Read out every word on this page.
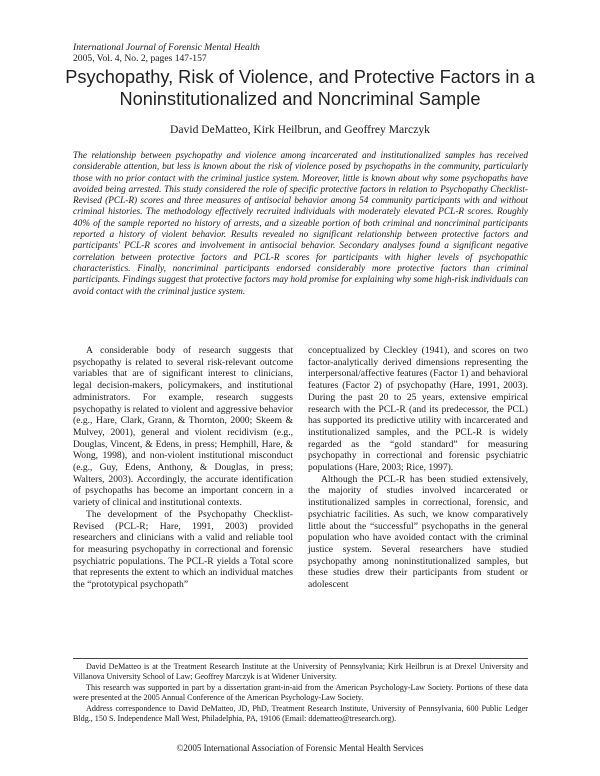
International Journal of Forensic Mental Health
2005, Vol. 4, No. 2, pages 147-157
Psychopathy, Risk of Violence, and Protective Factors in a Noninstitutionalized and Noncriminal Sample
David DeMatteo, Kirk Heilbrun, and Geoffrey Marczyk
The relationship between psychopathy and violence among incarcerated and institutionalized samples has received considerable attention, but less is known about the risk of violence posed by psychopaths in the community, particularly those with no prior contact with the criminal justice system. Moreover, little is known about why some psychopaths have avoided being arrested. This study considered the role of specific protective factors in relation to Psychopathy Checklist-Revised (PCL-R) scores and three measures of antisocial behavior among 54 community participants with and without criminal histories. The methodology effectively recruited individuals with moderately elevated PCL-R scores. Roughly 40% of the sample reported no history of arrests, and a sizeable portion of both criminal and noncriminal participants reported a history of violent behavior. Results revealed no significant relationship between protective factors and participants' PCL-R scores and involvement in antisocial behavior. Secondary analyses found a significant negative correlation between protective factors and PCL-R scores for participants with higher levels of psychopathic characteristics. Finally, noncriminal participants endorsed considerably more protective factors than criminal participants. Findings suggest that protective factors may hold promise for explaining why some high-risk individuals can avoid contact with the criminal justice system.

A considerable body of research suggests that psychopathy is related to several risk-relevant outcome variables that are of significant interest to clinicians, legal decision-makers, policymakers, and institutional administrators. For example, research suggests psychopathy is related to violent and aggressive behavior (e.g., Hare, Clark, Grann, & Thornton, 2000; Skeem & Mulvey, 2001), general and violent recidivism (e.g., Douglas, Vincent, & Edens, in press; Hemphill, Hare, & Wong, 1998), and non-violent institutional misconduct (e.g., Guy, Edens, Anthony, & Douglas, in press; Walters, 2003). Accordingly, the accurate identification of psychopaths has become an important concern in a variety of clinical and institutional contexts.

The development of the Psychopathy Checklist-Revised (PCL-R; Hare, 1991, 2003) provided researchers and clinicians with a valid and reliable tool for measuring psychopathy in correctional and forensic psychiatric populations. The PCL-R yields a Total score that represents the extent to which an individual matches the “prototypical psychopath”

conceptualized by Cleckley (1941), and scores on two factor-analytically derived dimensions representing the interpersonal/affective features (Factor 1) and behavioral features (Factor 2) of psychopathy (Hare, 1991, 2003). During the past 20 to 25 years, extensive empirical research with the PCL-R (and its predecessor, the PCL) has supported its predictive utility with incarcerated and institutionalized samples, and the PCL-R is widely regarded as the “gold standard” for measuring psychopathy in correctional and forensic psychiatric populations (Hare, 2003; Rice, 1997).

Although the PCL-R has been studied extensively, the majority of studies involved incarcerated or institutionalized samples in correctional, forensic, and psychiatric facilities. As such, we know comparatively little about the “successful” psychopaths in the general population who have avoided contact with the criminal justice system. Several researchers have studied psychopathy among noninstitutionalized samples, but these studies drew their participants from student or adolescent

David DeMatteo is at the Treatment Research Institute at the University of Pennsylvania; Kirk Heilbrun is at Drexel University and Villanova University School of Law; Geoffrey Marczyk is at Widener University.

This research was supported in part by a dissertation grant-in-aid from the American Psychology-Law Society. Portions of these data were presented at the 2005 Annual Conference of the American Psychology-Law Society.

Address correspondence to David DeMatteo, JD, PhD, Treatment Research Institute, University of Pennsylvania, 600 Public Ledger Bldg., 150 S. Independence Mall West, Philadelphia, PA, 19106 (Email: ddematteo@tresearch.org).

©2005 International Association of Forensic Mental Health Services
